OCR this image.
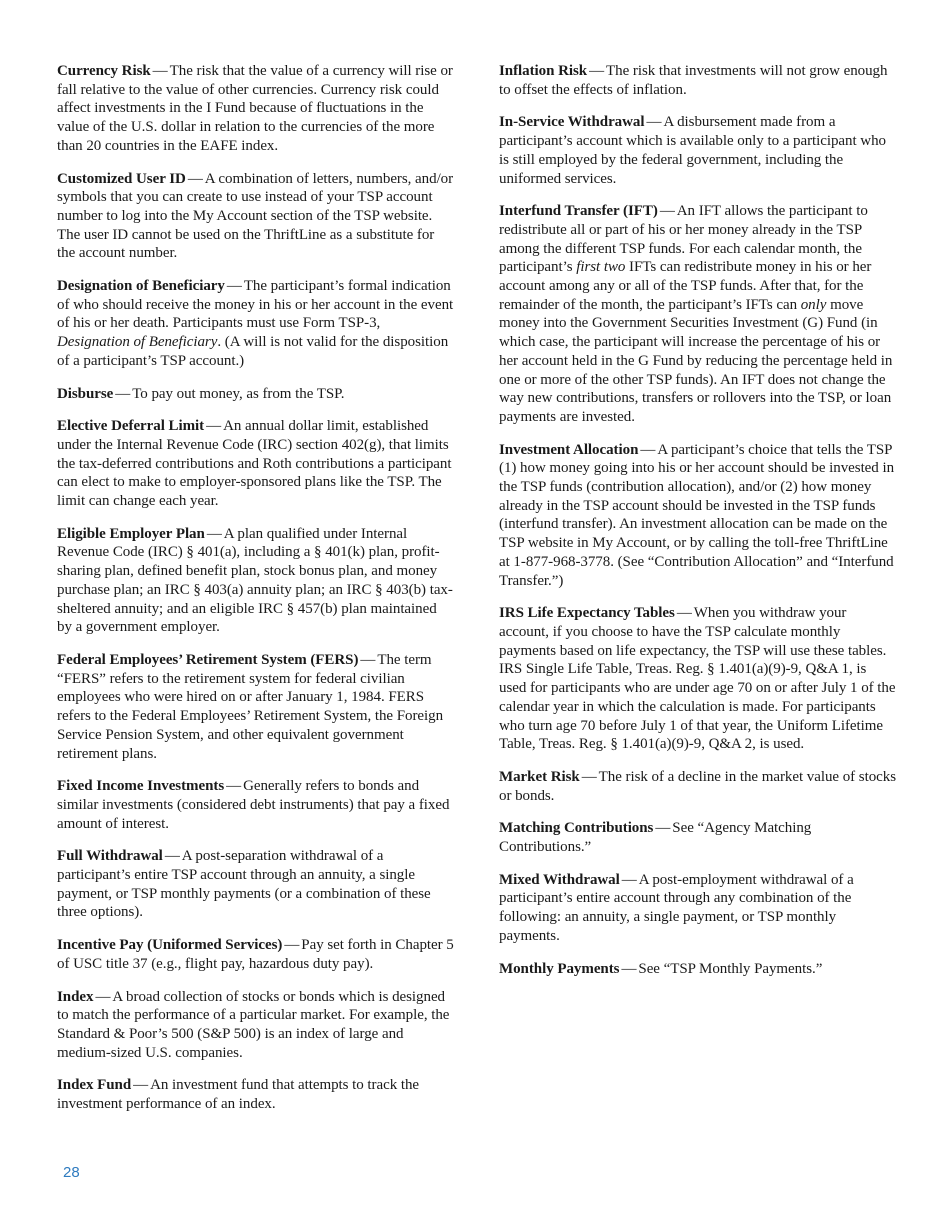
Currency Risk — The risk that the value of a currency will rise or fall relative to the value of other currencies. Currency risk could affect investments in the I Fund because of fluctuations in the value of the U.S. dollar in relation to the currencies of the more than 20 countries in the EAFE index.

Customized User ID — A combination of letters, numbers, and/or symbols that you can create to use instead of your TSP account number to log into the My Account section of the TSP website. The user ID cannot be used on the ThriftLine as a substitute for the account number.

Designation of Beneficiary — The participant’s formal indication of who should receive the money in his or her account in the event of his or her death. Participants must use Form TSP-3, Designation of Beneficiary. (A will is not valid for the disposition of a participant’s TSP account.)

Disburse — To pay out money, as from the TSP.

Elective Deferral Limit — An annual dollar limit, established under the Internal Revenue Code (IRC) section 402(g), that limits the tax-deferred contributions and Roth contributions a participant can elect to make to employer-sponsored plans like the TSP. The limit can change each year.

Eligible Employer Plan — A plan qualified under Internal Revenue Code (IRC) § 401(a), including a § 401(k) plan, profit-sharing plan, defined benefit plan, stock bonus plan, and money purchase plan; an IRC § 403(a) annuity plan; an IRC § 403(b) tax-sheltered annuity; and an eligible IRC § 457(b) plan maintained by a government employer.

Federal Employees’ Retirement System (FERS) — The term “FERS” refers to the retirement system for federal civilian employees who were hired on or after January 1, 1984. FERS refers to the Federal Employees’ Retirement System, the Foreign Service Pension System, and other equivalent government retirement plans.

Fixed Income Investments — Generally refers to bonds and similar investments (considered debt instruments) that pay a fixed amount of interest.

Full Withdrawal — A post-separation withdrawal of a participant’s entire TSP account through an annuity, a single payment, or TSP monthly payments (or a combination of these three options).

Incentive Pay (Uniformed Services) — Pay set forth in Chapter 5 of USC title 37 (e.g., flight pay, hazardous duty pay).

Index — A broad collection of stocks or bonds which is designed to match the performance of a particular market. For example, the Standard & Poor’s 500 (S&P 500) is an index of large and medium-sized U.S. companies.

Index Fund — An investment fund that attempts to track the investment performance of an index.

Inflation Risk — The risk that investments will not grow enough to offset the effects of inflation.

In-Service Withdrawal — A disbursement made from a participant’s account which is available only to a participant who is still employed by the federal government, including the uniformed services.

Interfund Transfer (IFT) — An IFT allows the participant to redistribute all or part of his or her money already in the TSP among the different TSP funds. For each calendar month, the participant’s first two IFTs can redistribute money in his or her account among any or all of the TSP funds. After that, for the remainder of the month, the participant’s IFTs can only move money into the Government Securities Investment (G) Fund (in which case, the participant will increase the percentage of his or her account held in the G Fund by reducing the percentage held in one or more of the other TSP funds). An IFT does not change the way new contributions, transfers or rollovers into the TSP, or loan payments are invested.

Investment Allocation — A participant’s choice that tells the TSP (1) how money going into his or her account should be invested in the TSP funds (contribution allocation), and/or (2) how money already in the TSP account should be invested in the TSP funds (interfund transfer). An investment allocation can be made on the TSP website in My Account, or by calling the toll-free ThriftLine at 1-877-968-3778. (See “Contribution Allocation” and “Interfund Transfer.”)

IRS Life Expectancy Tables — When you withdraw your account, if you choose to have the TSP calculate monthly payments based on life expectancy, the TSP will use these tables. IRS Single Life Table, Treas. Reg. § 1.401(a)(9)-9, Q&A 1, is used for participants who are under age 70 on or after July 1 of the calendar year in which the calculation is made. For participants who turn age 70 before July 1 of that year, the Uniform Lifetime Table, Treas. Reg. § 1.401(a)(9)-9, Q&A 2, is used.

Market Risk — The risk of a decline in the market value of stocks or bonds.

Matching Contributions — See “Agency Matching Contributions.”

Mixed Withdrawal — A post-employment withdrawal of a participant’s entire account through any combination of the following: an annuity, a single payment, or TSP monthly payments.

Monthly Payments — See “TSP Monthly Payments.”

28
